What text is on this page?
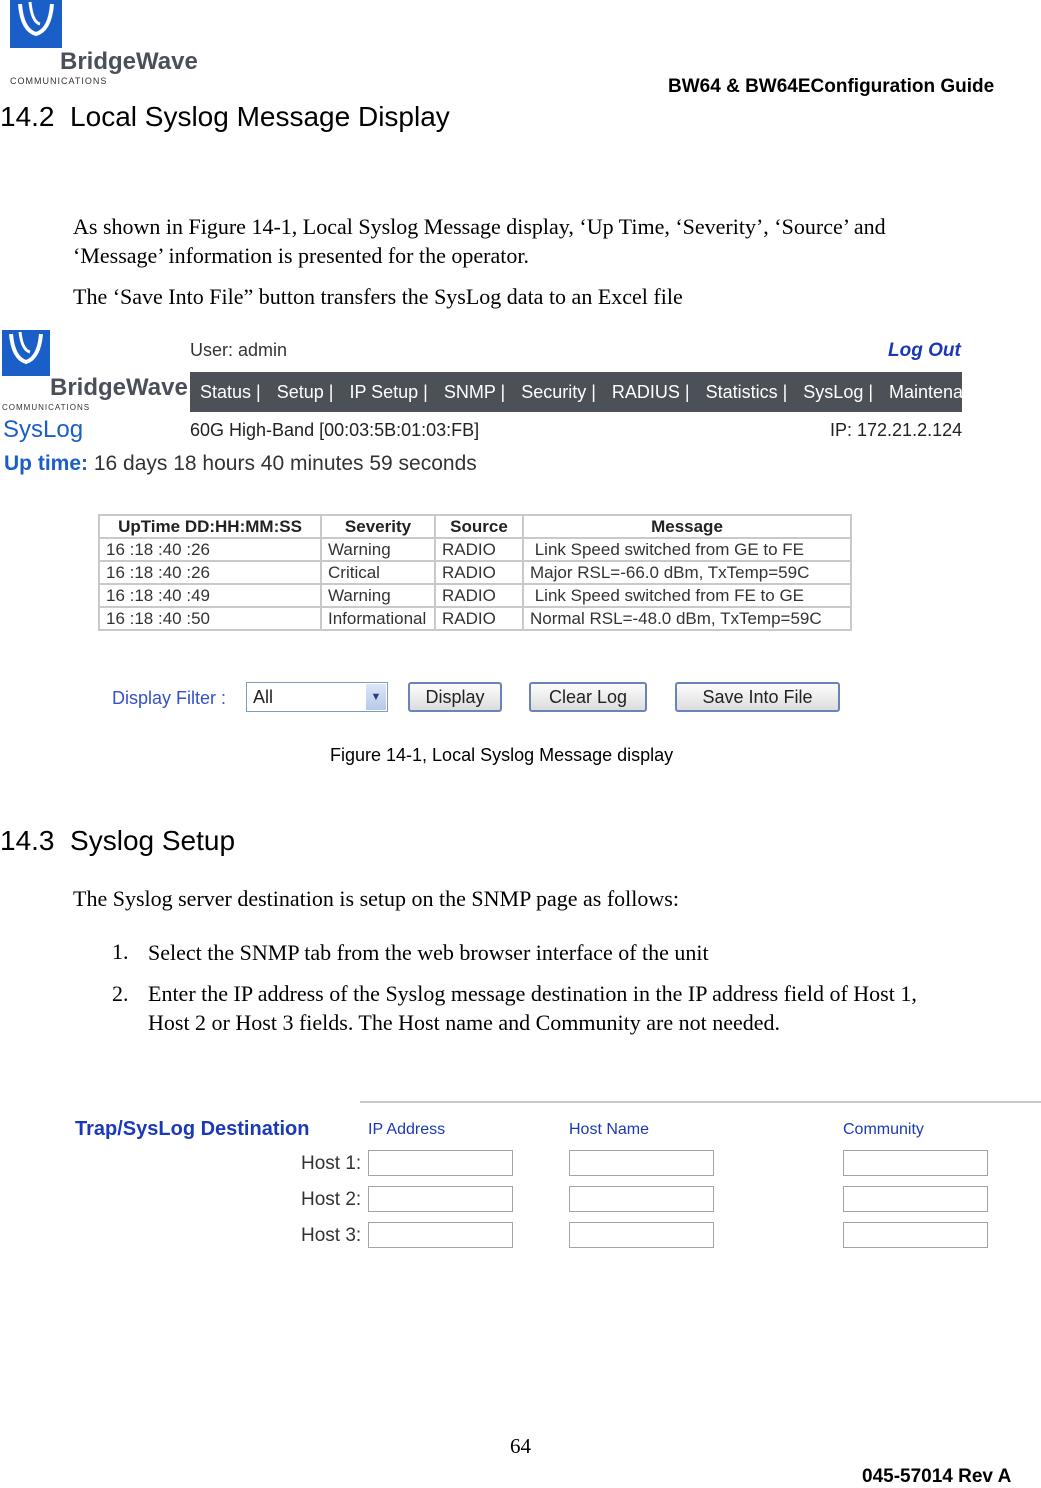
BridgeWave
COMMUNICATIONS	BW64 & BW64EConfiguration Guide
14.2  Local Syslog Message Display
As shown in Figure 14-1, Local Syslog Message display, ‘Up Time, ‘Severity’, ‘Source’ and
‘Message’ information is presented for the operator.
The ‘Save Into File” button transfers the SysLog data to an Excel file
BridgeWave
COMMUNICATIONS
User: admin	Log Out
Status | Setup | IP Setup | SNMP | Security | RADIUS | Statistics | SysLog | Maintenance
SysLog	60G High-Band [00:03:5B:01:03:FB]	IP: 172.21.2.124
Up time: 16 days 18 hours 40 minutes 59 seconds
UpTime DD:HH:MM:SS	Severity	Source	Message
16 :18 :40 :26	Warning	RADIO	Link Speed switched from GE to FE
16 :18 :40 :26	Critical	RADIO	Major RSL=-66.0 dBm, TxTemp=59C
16 :18 :40 :49	Warning	RADIO	Link Speed switched from FE to GE
16 :18 :40 :50	Informational	RADIO	Normal RSL=-48.0 dBm, TxTemp=59C
Display Filter :	All	▼	Display	Clear Log	Save Into File
Figure 14-1, Local Syslog Message display
14.3  Syslog Setup
The Syslog server destination is setup on the SNMP page as follows:
1. Select the SNMP tab from the web browser interface of the unit
2. Enter the IP address of the Syslog message destination in the IP address field of Host 1,
Host 2 or Host 3 fields. The Host name and Community are not needed.
Trap/SysLog Destination	IP Address	Host Name	Community
Host 1:
Host 2:
Host 3:
64
045-57014 Rev A
